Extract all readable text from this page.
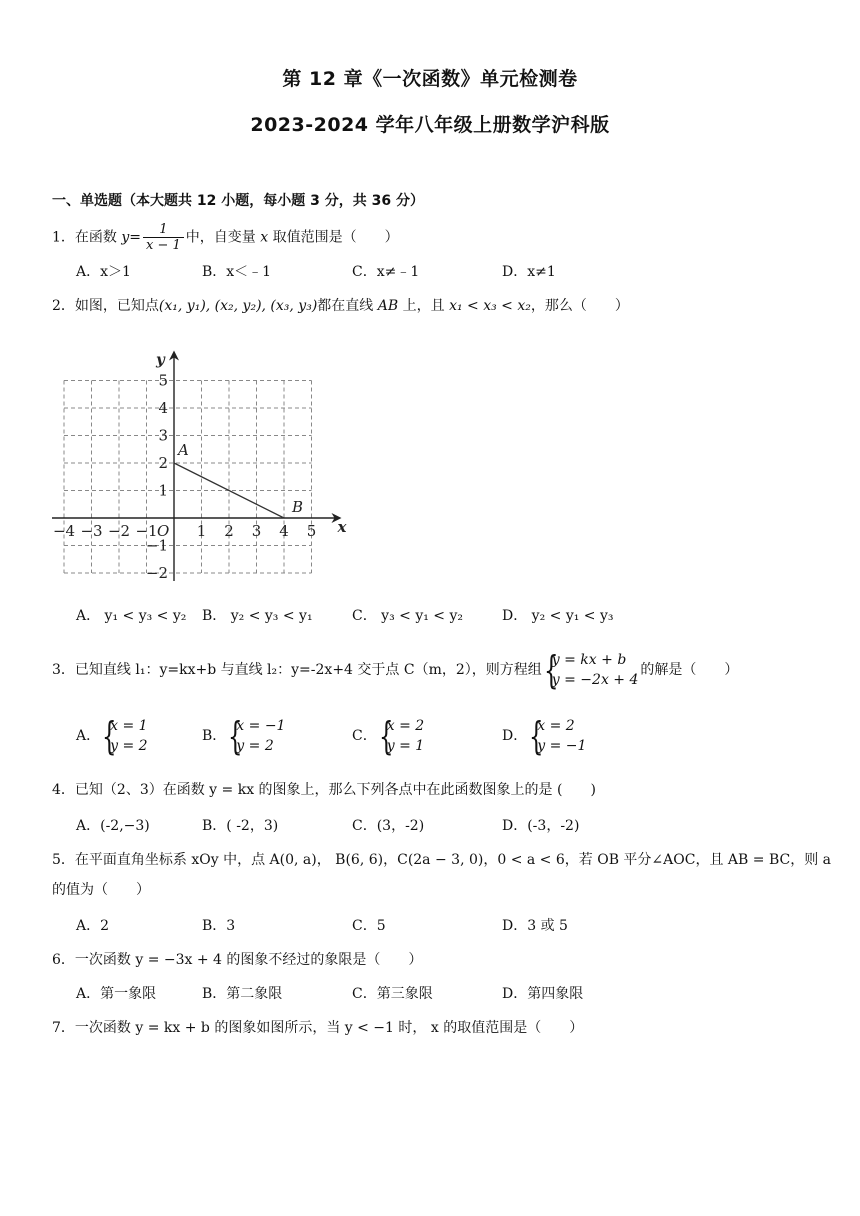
第 12 章《一次函数》单元检测卷
2023-2024 学年八年级上册数学沪科版
一、单选题（本大题共 12 小题，每小题 3 分，共 36 分）
1．在函数 $y= \frac{1}{x - 1}$ 中，自变量 x 取值范围是（　　）
A．x＞1	B．x＜﹣1	C．x≠﹣1	D．x≠1
2．如图，已知点(x₁, y₁), (x₂, y₂), (x₃, y₃)都在直线 AB 上，且 x₁ < x₃ < x₂，那么（　　）
−4 −3 −2 −1	1 2 3 4 5
5
4
3
2
1
−1
−2
A
B
O	x
y
A． y₁ < y₃ < y₂ B． y₂ < y₃ < y₁	C． y₃ < y₁ < y₂	D． y₂ < y₁ < y₃
3．已知直线 l₁：y=kx+b 与直线 l₂：y=-2x+4 交于点 C（m，2），则方程组 {
y = kx + b
y = −2x + 4
的解是（　　）
A． {
x = 1
y = 2
B． {
x = −1
y = 2
C． {
x = 2
y = 1
D． {
x = 2
y = −1
4．已知（2、3）在函数 y = kx 的图象上，那么下列各点中在此函数图象上的是 (　　)
A．(-2,−3)	B．( -2，3)	C．(3，-2)	D．(-3，-2)
5．在平面直角坐标系 xOy 中，点 A(0, a)， B(6, 6)，C(2a − 3, 0)，0 < a < 6，若 OB 平分∠AOC，且 AB = BC，则 a
的值为（　　）
A．2	B．3	C．5	D．3 或 5
6．一次函数 y = −3x + 4 的图象不经过的象限是（　　）
A．第一象限	B．第二象限	C．第三象限	D．第四象限
7．一次函数 y = kx + b 的图象如图所示，当 y < −1 时， x 的取值范围是（　　）
